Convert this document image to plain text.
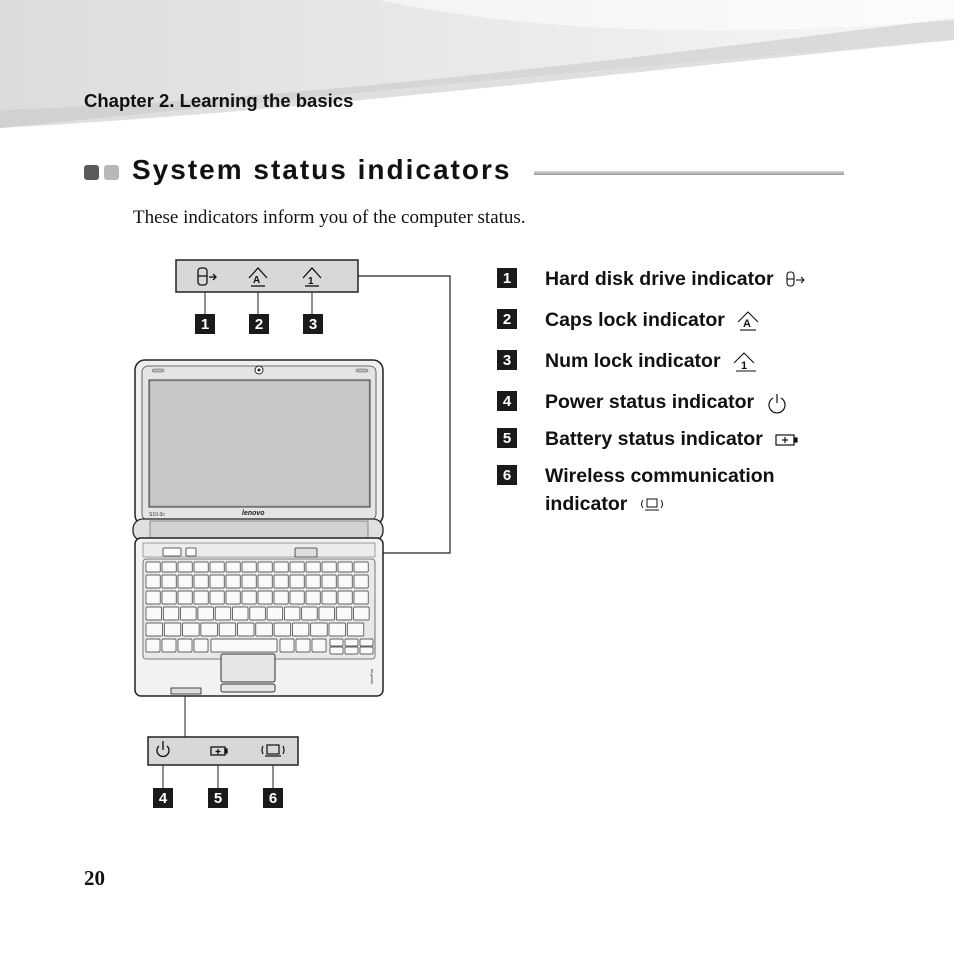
Chapter 2. Learning the basics
System status indicators
These indicators inform you of the computer status.
A	1
lenovo
S10-3c
IdeaPad
1	2	3
4	5	6
1 Hard disk drive indicator
2 Caps lock indicator A
3 Num lock indicator 1
4 Power status indicator
5 Battery status indicator
6 Wireless communication indicator
20
